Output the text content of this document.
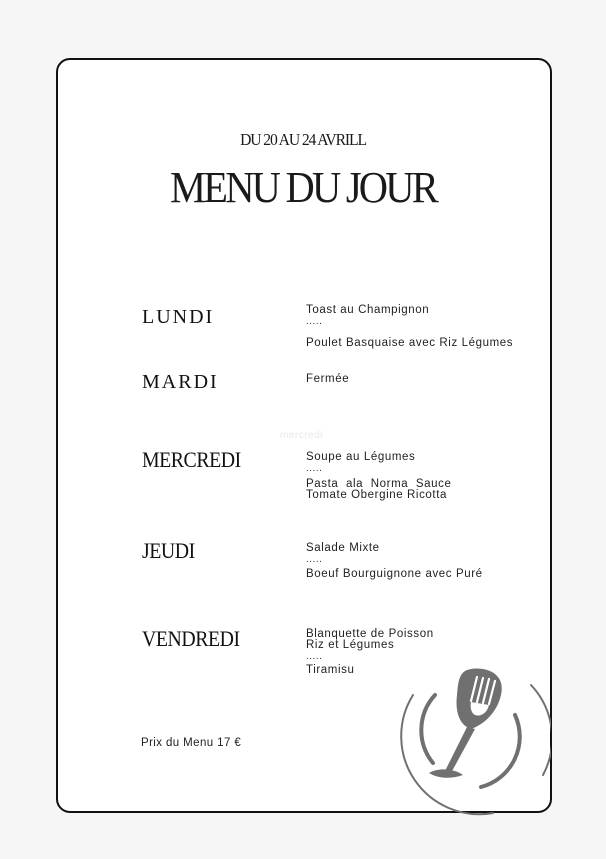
DU 20 AU 24 AVRILL
MENU DU JOUR
LUNDI	Toast au Champignon
.....
Poulet Basquaise avec Riz Légumes
MARDI	Fermée
mercredi
MERCREDI	Soupe au Légumes
.....
Pasta  ala  Norma  Sauce
Tomate Obergine Ricotta
JEUDI	Salade Mixte
.....
Boeuf Bourguignone avec Puré
VENDREDI	Blanquette de Poisson
Riz et Légumes
.....
Tiramisu
Prix du Menu 17 €
